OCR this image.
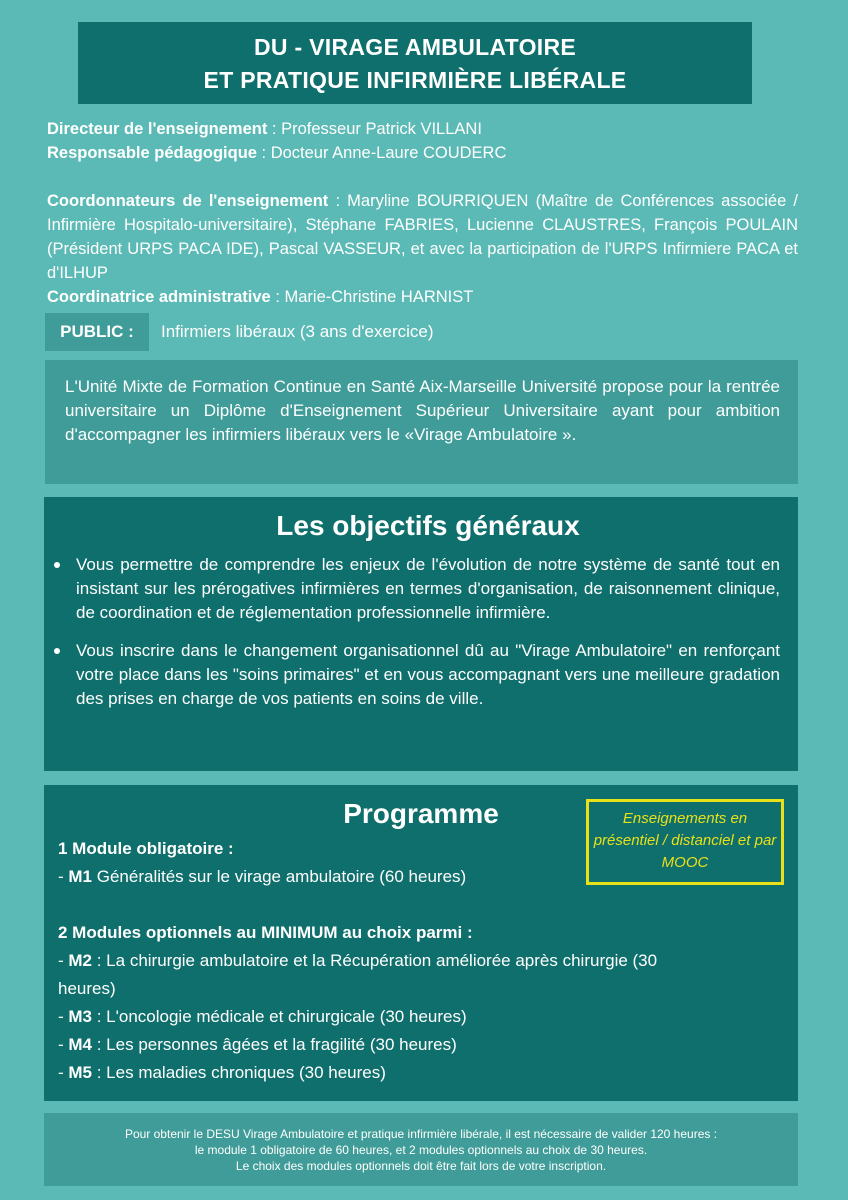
DU - VIRAGE AMBULATOIRE
ET PRATIQUE INFIRMIÈRE LIBÉRALE
Directeur de l'enseignement : Professeur Patrick VILLANI
Responsable pédagogique : Docteur Anne-Laure COUDERC
Coordonnateurs de l'enseignement : Maryline BOURRIQUEN (Maître de Conférences associée / Infirmière Hospitalo-universitaire), Stéphane FABRIES, Lucienne CLAUSTRES, François POULAIN (Président URPS PACA IDE), Pascal VASSEUR, et avec la participation de l'URPS Infirmiere PACA et d'ILHUP
Coordinatrice administrative : Marie-Christine HARNIST
PUBLIC :	Infirmiers libéraux (3 ans d'exercice)
L'Unité Mixte de Formation Continue en Santé Aix-Marseille Université propose pour la rentrée universitaire un Diplôme d'Enseignement Supérieur Universitaire ayant pour ambition d'accompagner les infirmiers libéraux vers le «Virage Ambulatoire ».
Les objectifs généraux
Vous permettre de comprendre les enjeux de l'évolution de notre système de santé tout en insistant sur les prérogatives infirmières en termes d'organisation, de raisonnement clinique, de coordination et de réglementation professionnelle infirmière.
Vous inscrire dans le changement organisationnel dû au "Virage Ambulatoire" en renforçant votre place dans les "soins primaires" et en vous accompagnant vers une meilleure gradation des prises en charge de vos patients en soins de ville.
Programme	Enseignements en présentiel / distanciel et par MOOC
1 Module obligatoire :
- M1 Généralités sur le virage ambulatoire (60 heures)
2 Modules optionnels au MINIMUM au choix parmi :
- M2 : La chirurgie ambulatoire et la Récupération améliorée après chirurgie (30 heures)
- M3 : L'oncologie médicale et chirurgicale (30 heures)
- M4 : Les personnes âgées et la fragilité (30 heures)
- M5 : Les maladies chroniques (30 heures)
Pour obtenir le DESU Virage Ambulatoire et pratique infirmière libérale, il est nécessaire de valider 120 heures :
le module 1 obligatoire de 60 heures, et 2 modules optionnels au choix de 30 heures.
Le choix des modules optionnels doit être fait lors de votre inscription.
